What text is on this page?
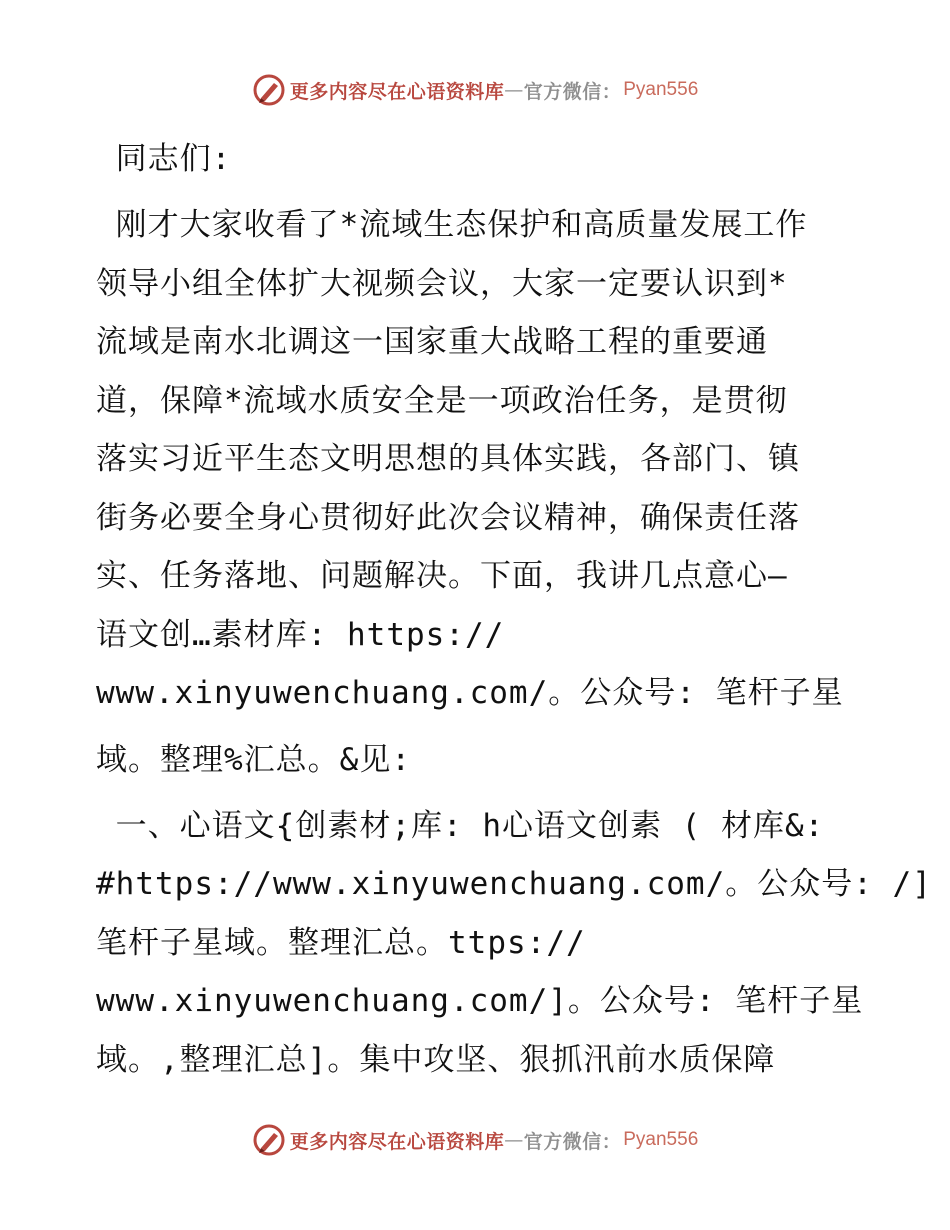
更多内容尽在心语资料库 — 官方微信： Pyan556
同志们:
刚才大家收看了*流域生态保护和高质量发展工作
领导小组全体扩大视频会议，大家一定要认识到*
流域是南水北调这一国家重大战略工程的重要通
道，保障*流域水质安全是一项政治任务，是贯彻
落实习近平生态文明思想的具体实践，各部门、镇
街务必要全身心贯彻好此次会议精神，确保责任落
实、任务落地、问题解决。下面，我讲几点意心—
语文创…素材库: https://
www.xinyuwenchuang.com/。公众号: 笔杆子星
域。整理%汇总。&见:
一、心语文{创素材;库: h心语文创素 ( 材库&:
#https://www.xinyuwenchuang.com/。公众号: /]
笔杆子星域。整理汇总。ttps://
www.xinyuwenchuang.com/]。公众号: 笔杆子星
域。,整理汇总]。集中攻坚、狠抓汛前水质保障
更多内容尽在心语资料库 — 官方微信： Pyan556
